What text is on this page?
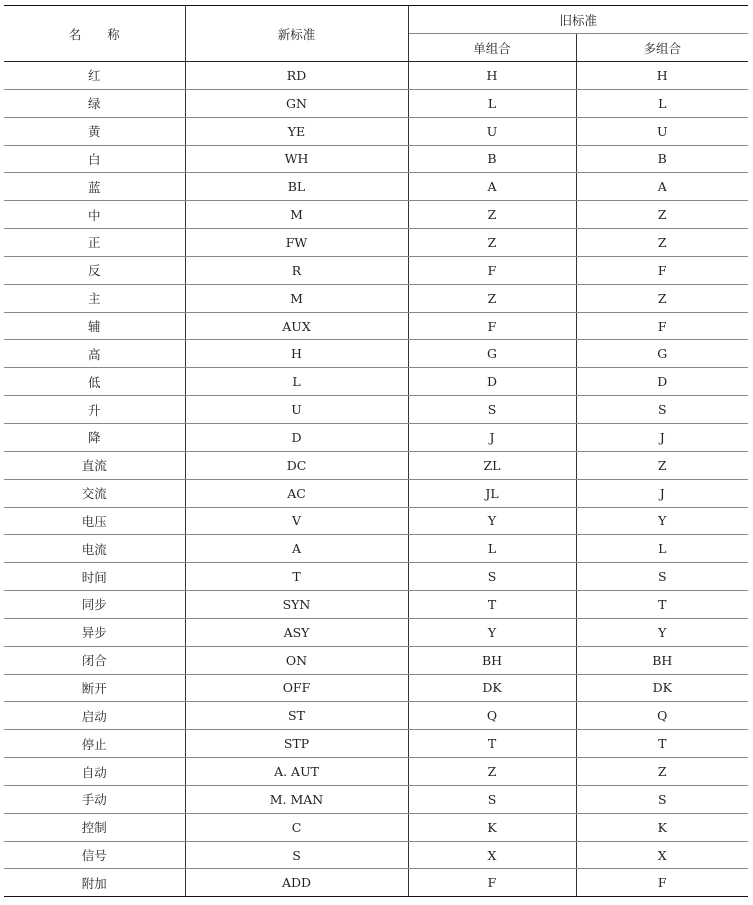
名 称	新标准	旧标准	
		单组合	多组合
红	RD	H	H
绿	GN	L	L
黄	YE	U	U
白	WH	B	B
蓝	BL	A	A
中	M	Z	Z
正	FW	Z	Z
反	R	F	F
主	M	Z	Z
辅	AUX	F	F
高	H	G	G
低	L	D	D
升	U	S	S
降	D	J	J
直流	DC	ZL	Z
交流	AC	JL	J
电压	V	Y	Y
电流	A	L	L
时间	T	S	S
同步	SYN	T	T
异步	ASY	Y	Y
闭合	ON	BH	BH
断开	OFF	DK	DK
启动	ST	Q	Q
停止	STP	T	T
自动	A. AUT	Z	Z
手动	M. MAN	S	S
控制	C	K	K
信号	S	X	X
附加	ADD	F	F
